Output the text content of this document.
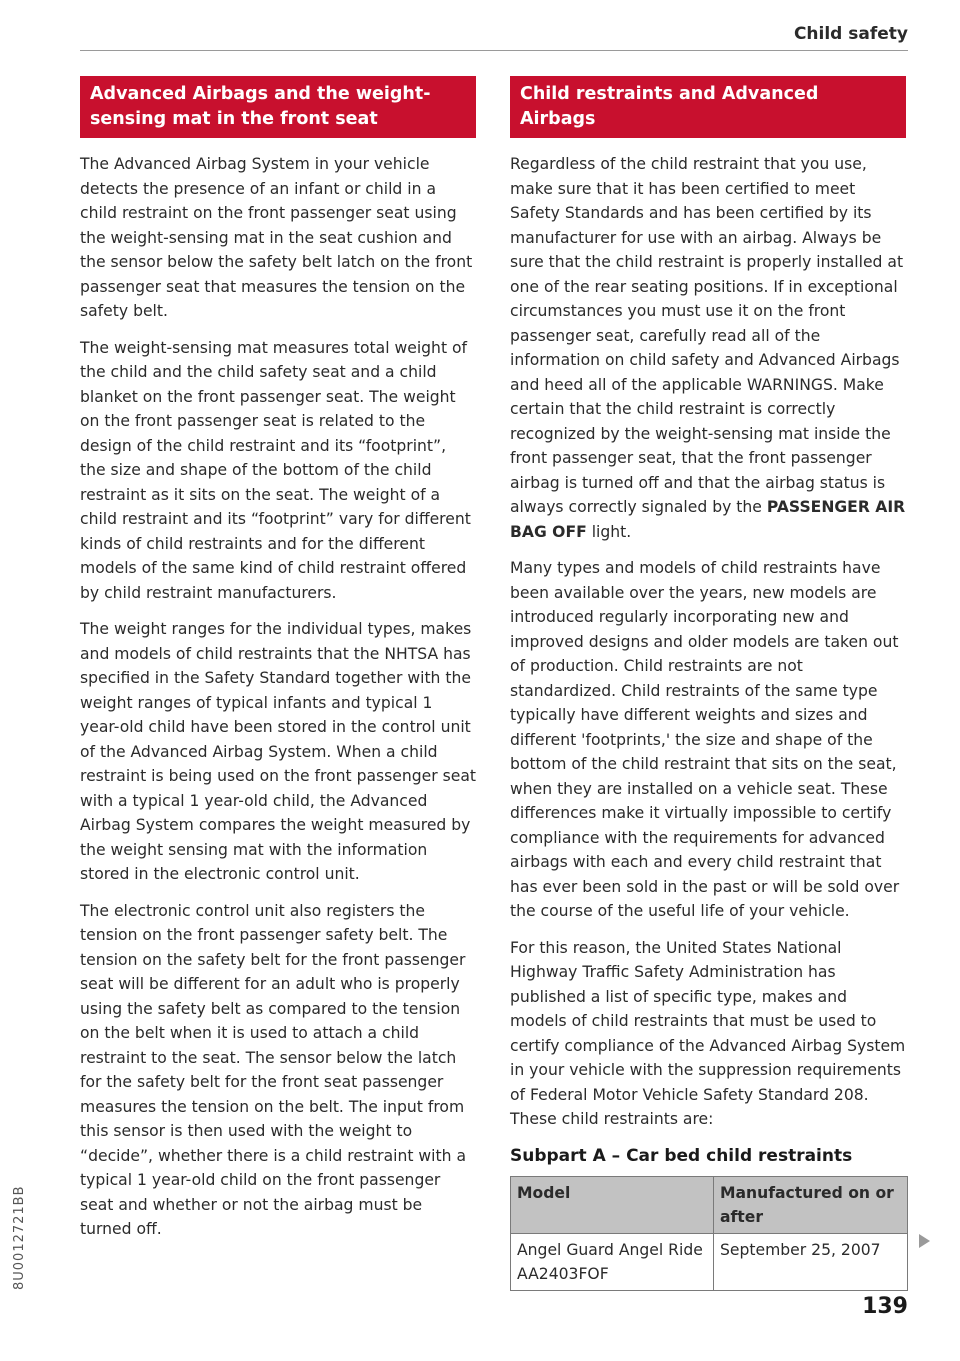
Child safety
Advanced Airbags and the weight-sensing mat in the front seat

The Advanced Airbag System in your vehicle detects the presence of an infant or child in a child restraint on the front passenger seat using the weight-sensing mat in the seat cushion and the sensor below the safety belt latch on the front passenger seat that measures the tension on the safety belt.

The weight-sensing mat measures total weight of the child and the child safety seat and a child blanket on the front passenger seat. The weight on the front passenger seat is related to the design of the child restraint and its “footprint”, the size and shape of the bottom of the child restraint as it sits on the seat. The weight of a child restraint and its “footprint” vary for different kinds of child restraints and for the different models of the same kind of child restraint offered by child restraint manufacturers.

The weight ranges for the individual types, makes and models of child restraints that the NHTSA has specified in the Safety Standard together with the weight ranges of typical infants and typical 1 year-old child have been stored in the control unit of the Advanced Airbag System. When a child restraint is being used on the front passenger seat with a typical 1 year-old child, the Advanced Airbag System compares the weight measured by the weight sensing mat with the information stored in the electronic control unit.

The electronic control unit also registers the tension on the front passenger safety belt. The tension on the safety belt for the front passenger seat will be different for an adult who is properly using the safety belt as compared to the tension on the belt when it is used to attach a child restraint to the seat. The sensor below the latch for the safety belt for the front seat passenger measures the tension on the belt. The input from this sensor is then used with the weight to “decide”, whether there is a child restraint with a typical 1 year-old child on the front passenger seat and whether or not the airbag must be turned off.

Child restraints and Advanced Airbags

Regardless of the child restraint that you use, make sure that it has been certified to meet Safety Standards and has been certified by its manufacturer for use with an airbag. Always be sure that the child restraint is properly installed at one of the rear seating positions. If in exceptional circumstances you must use it on the front passenger seat, carefully read all of the information on child safety and Advanced Airbags and heed all of the applicable WARNINGS. Make certain that the child restraint is correctly recognized by the weight-sensing mat inside the front passenger seat, that the front passenger airbag is turned off and that the airbag status is always correctly signaled by the PASSENGER AIR BAG OFF light.

Many types and models of child restraints have been available over the years, new models are introduced regularly incorporating new and improved designs and older models are taken out of production. Child restraints are not standardized. Child restraints of the same type typically have different weights and sizes and different 'footprints,' the size and shape of the bottom of the child restraint that sits on the seat, when they are installed on a vehicle seat. These differences make it virtually impossible to certify compliance with the requirements for advanced airbags with each and every child restraint that has ever been sold in the past or will be sold over the course of the useful life of your vehicle.

For this reason, the United States National Highway Traffic Safety Administration has published a list of specific type, makes and models of child restraints that must be used to certify compliance of the Advanced Airbag System in your vehicle with the suppression requirements of Federal Motor Vehicle Safety Standard 208. These child restraints are:

Subpart A – Car bed child restraints
Model	Manufactured on or after
Angel Guard Angel Ride AA2403FOF	September 25, 2007
139
8U0012721BB
